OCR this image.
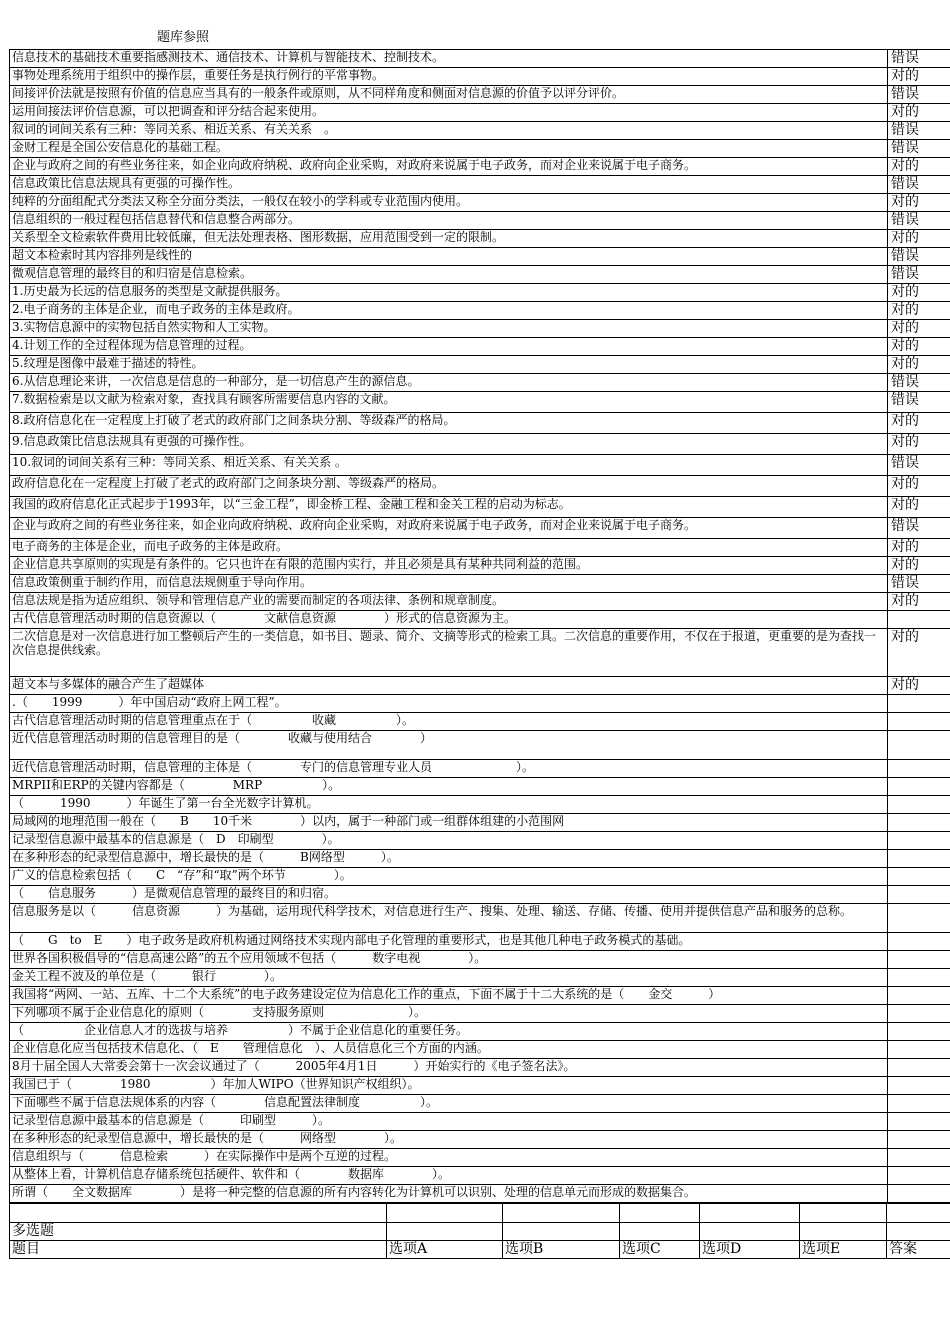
题库参照
信息技术的基础技术重要指感测技术、通信技术、计算机与智能技术、控制技术。	错误
事物处理系统用于组织中的操作层，重要任务是执行例行的平常事物。	对的
间接评价法就是按照有价值的信息应当具有的一般条件或原则，从不同样角度和侧面对信息源的价值予以评分评价。	错误
运用间接法评价信息源，可以把调查和评分结合起来使用。	对的
叙词的词间关系有三种：等同关系、相近关系、有关关系　。	错误
金财工程是全国公安信息化的基础工程。	错误
企业与政府之间的有些业务往来，如企业向政府纳税、政府向企业采购，对政府来说属于电子政务，而对企业来说属于电子商务。	对的
信息政策比信息法规具有更强的可操作性。	错误
纯粹的分面组配式分类法又称全分面分类法，一般仅在较小的学科或专业范围内使用。	对的
信息组织的一般过程包括信息替代和信息整合两部分。	错误
关系型全文检索软件费用比较低廉，但无法处理表格、图形数据，应用范围受到一定的限制。	对的
超文本检索时其内容排列是线性的	错误
微观信息管理的最终目的和归宿是信息检索。	错误
1.历史最为长远的信息服务的类型是文献提供服务。	对的
2.电子商务的主体是企业，而电子政务的主体是政府。	对的
3.实物信息源中的实物包括自然实物和人工实物。	对的
4.计划工作的全过程体现为信息管理的过程。	对的
5.纹理是图像中最难于描述的特性。	对的
6.从信息理论来讲，一次信息是信息的一种部分，是一切信息产生的源信息。	错误
7.数据检索是以文献为检索对象，查找具有顾客所需要信息内容的文献。	错误
8.政府信息化在一定程度上打破了老式的政府部门之间条块分割、等级森严的格局。	对的
9.信息政策比信息法规具有更强的可操作性。	对的
10.叙词的词间关系有三种：等同关系、相近关系、有关关系 。	错误
政府信息化在一定程度上打破了老式的政府部门之间条块分割、等级森严的格局。	对的
我国的政府信息化正式起步于1993年，以“三金工程”，即金桥工程、金融工程和金关工程的启动为标志。	对的
企业与政府之间的有些业务往来，如企业向政府纳税、政府向企业采购，对政府来说属于电子政务，而对企业来说属于电子商务。	错误
电子商务的主体是企业，而电子政务的主体是政府。	对的
企业信息共享原则的实现是有条件的。它只也许在有限的范围内实行，并且必须是具有某种共同利益的范围。	对的
信息政策侧重于制约作用，而信息法规侧重于导向作用。	错误
信息法规是指为适应组织、领导和管理信息产业的需要而制定的各项法律、条例和规章制度。	对的
古代信息管理活动时期的信息资源以（　　　　文献信息资源　　　　）形式的信息资源为主。	
二次信息是对一次信息进行加工整顿后产生的一类信息，如书目、题录、简介、文摘等形式的检索工具。二次信息的重要作用，不仅在于报道，更重要的是为查找一次信息提供线索。	对的
超文本与多媒体的融合产生了超媒体	对的
.（　　1999　　　）年中国启动“政府上网工程”。	
古代信息管理活动时期的信息管理重点在于（　　　　　收藏　　　　　）。	
近代信息管理活动时期的信息管理目的是（　　　　收藏与使用结合　　　　）	
近代信息管理活动时期，信息管理的主体是（　　　　专门的信息管理专业人员　　　　　　　）。	
MRPII和ERP的关键内容都是（　　　　MRP　　　　　）。	
（　　　1990　　　）年诞生了第一台全光数字计算机。	
局域网的地理范围一般在（　　B　　10千米　　　　）以内，属于一种部门或一组群体组建的小范围网	
记录型信息源中最基本的信息源是（　D　印刷型　　　　）。	
在多种形态的纪录型信息源中，增长最快的是（　　　B网络型　　　）。	
广义的信息检索包括（　　C　“存”和“取”两个环节　　　　）。	
（　　信息服务　　　）是微观信息管理的最终目的和归宿。	
信息服务是以（　　　信息资源　　　）为基础，运用现代科学技术，对信息进行生产、搜集、处理、输送、存储、传播、使用并提供信息产品和服务的总称。	
（　　G　to　E　　）电子政务是政府机构通过网络技术实现内部电子化管理的重要形式，也是其他几种电子政务模式的基础。	
世界各国积极倡导的“信息高速公路”的五个应用领域不包括（　　　数字电视　　　　）。	
金关工程不波及的单位是（　　　银行　　　　）。	
我国将“两网、一站、五库、十二个大系统”的电子政务建设定位为信息化工作的重点，下面不属于十二大系统的是（　　金交　　　）	
下列哪项不属于企业信息化的原则（　　　　支持服务原则　　　　　　　）。	
（　　　　　企业信息人才的选拔与培养　　　　　）不属于企业信息化的重要任务。	
企业信息化应当包括技术信息化、（　E　　管理信息化　）、人员信息化三个方面的内涵。	
8月十届全国人大常委会第十一次会议通过了（　　　2005年4月1日　　　）开始实行的《电子签名法》。	
我国已于（　　　　1980　　　　　）年加人WIPO（世界知识产权组织）。	
下面哪些不属于信息法规体系的内容（　　　　信息配置法律制度　　　　　）。	
记录型信息源中最基本的信息源是（　　　印刷型　　　）。	
在多种形态的纪录型信息源中，增长最快的是（　　　网络型　　　　）。	
信息组织与（　　　信息检索　　　）在实际操作中是两个互逆的过程。	
从整体上看，计算机信息存储系统包括硬件、软件和（　　　　数据库　　　　）。	
所谓（　　全文数据库　　　　）是将一种完整的信息源的所有内容转化为计算机可以识别、处理的信息单元而形成的数据集合。	

多选题						
题目	选项A	选项B	选项C	选项D	选项E	答案
